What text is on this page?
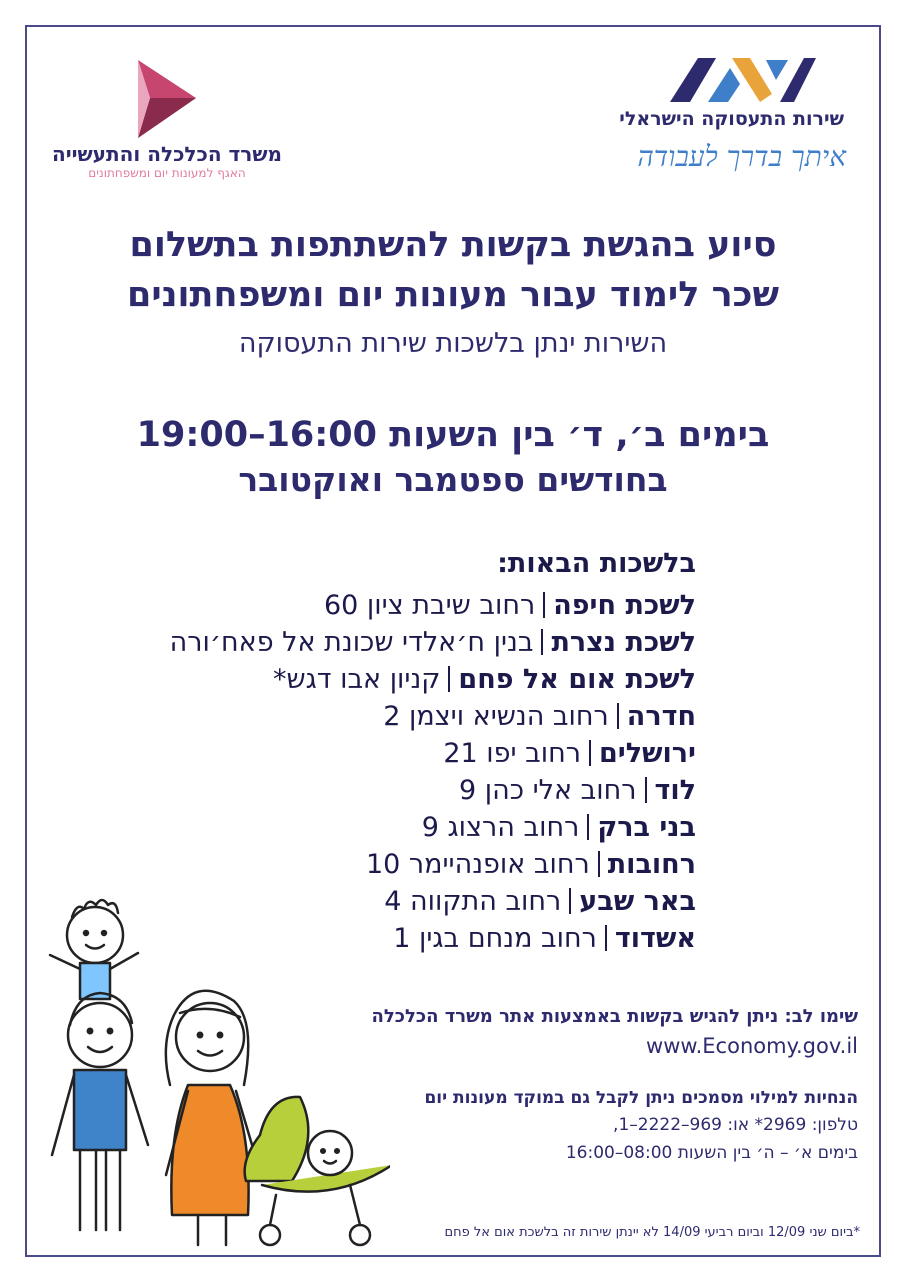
שירות התעסוקה הישראלי
איתך בדרך לעבודה
משרד הכלכלה והתעשייה
האגף למעונות יום ומשפחתונים
סיוע בהגשת בקשות להשתתפות בתשלום
שכר לימוד עבור מעונות יום ומשפחתונים
השירות ינתן בלשכות שירות התעסוקה
בימים ב׳, ד׳ בין השעות 16:00–19:00
בחודשים ספטמבר ואוקטובר
בלשכות הבאות:
לשכת חיפהרחוב שיבת ציון 60
לשכת נצרתבנין ח׳אלדי שכונת אל פאח׳ורה
לשכת אום אל פחםקניון אבו דגש*
חדרהרחוב הנשיא ויצמן 2
ירושליםרחוב יפו 21
לודרחוב אלי כהן 9
בני ברקרחוב הרצוג 9
רחובותרחוב אופנהיימר 10
באר שבערחוב התקווה 4
אשדודרחוב מנחם בגין 1
שימו לב: ניתן להגיש בקשות באמצעות אתר משרד הכלכלה
www.Economy.gov.il
הנחיות למילוי מסמכים ניתן לקבל גם במוקד מעונות יום
טלפון: 2969* או: 969–2222–1,
בימים א׳ – ה׳ בין השעות 08:00–16:00
*ביום שני 12/09 וביום רביעי 14/09 לא יינתן שירות זה בלשכת אום אל פחם
